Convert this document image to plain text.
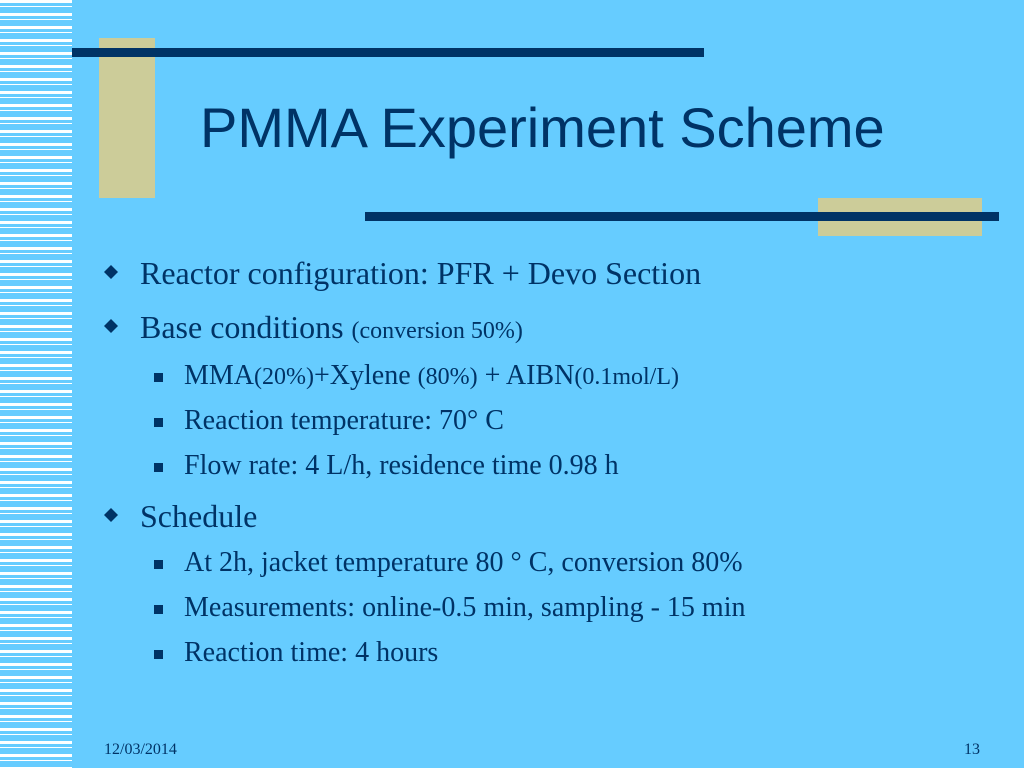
PMMA Experiment Scheme
Reactor configuration: PFR + Devo Section
Base conditions (conversion 50%)
MMA(20%)+Xylene (80%) + AIBN(0.1mol/L)
Reaction temperature: 70° C
Flow rate: 4 L/h, residence time 0.98 h
Schedule
At 2h, jacket temperature 80 ° C, conversion 80%
Measurements: online-0.5 min, sampling - 15 min
Reaction time: 4 hours
12/03/2014	13
